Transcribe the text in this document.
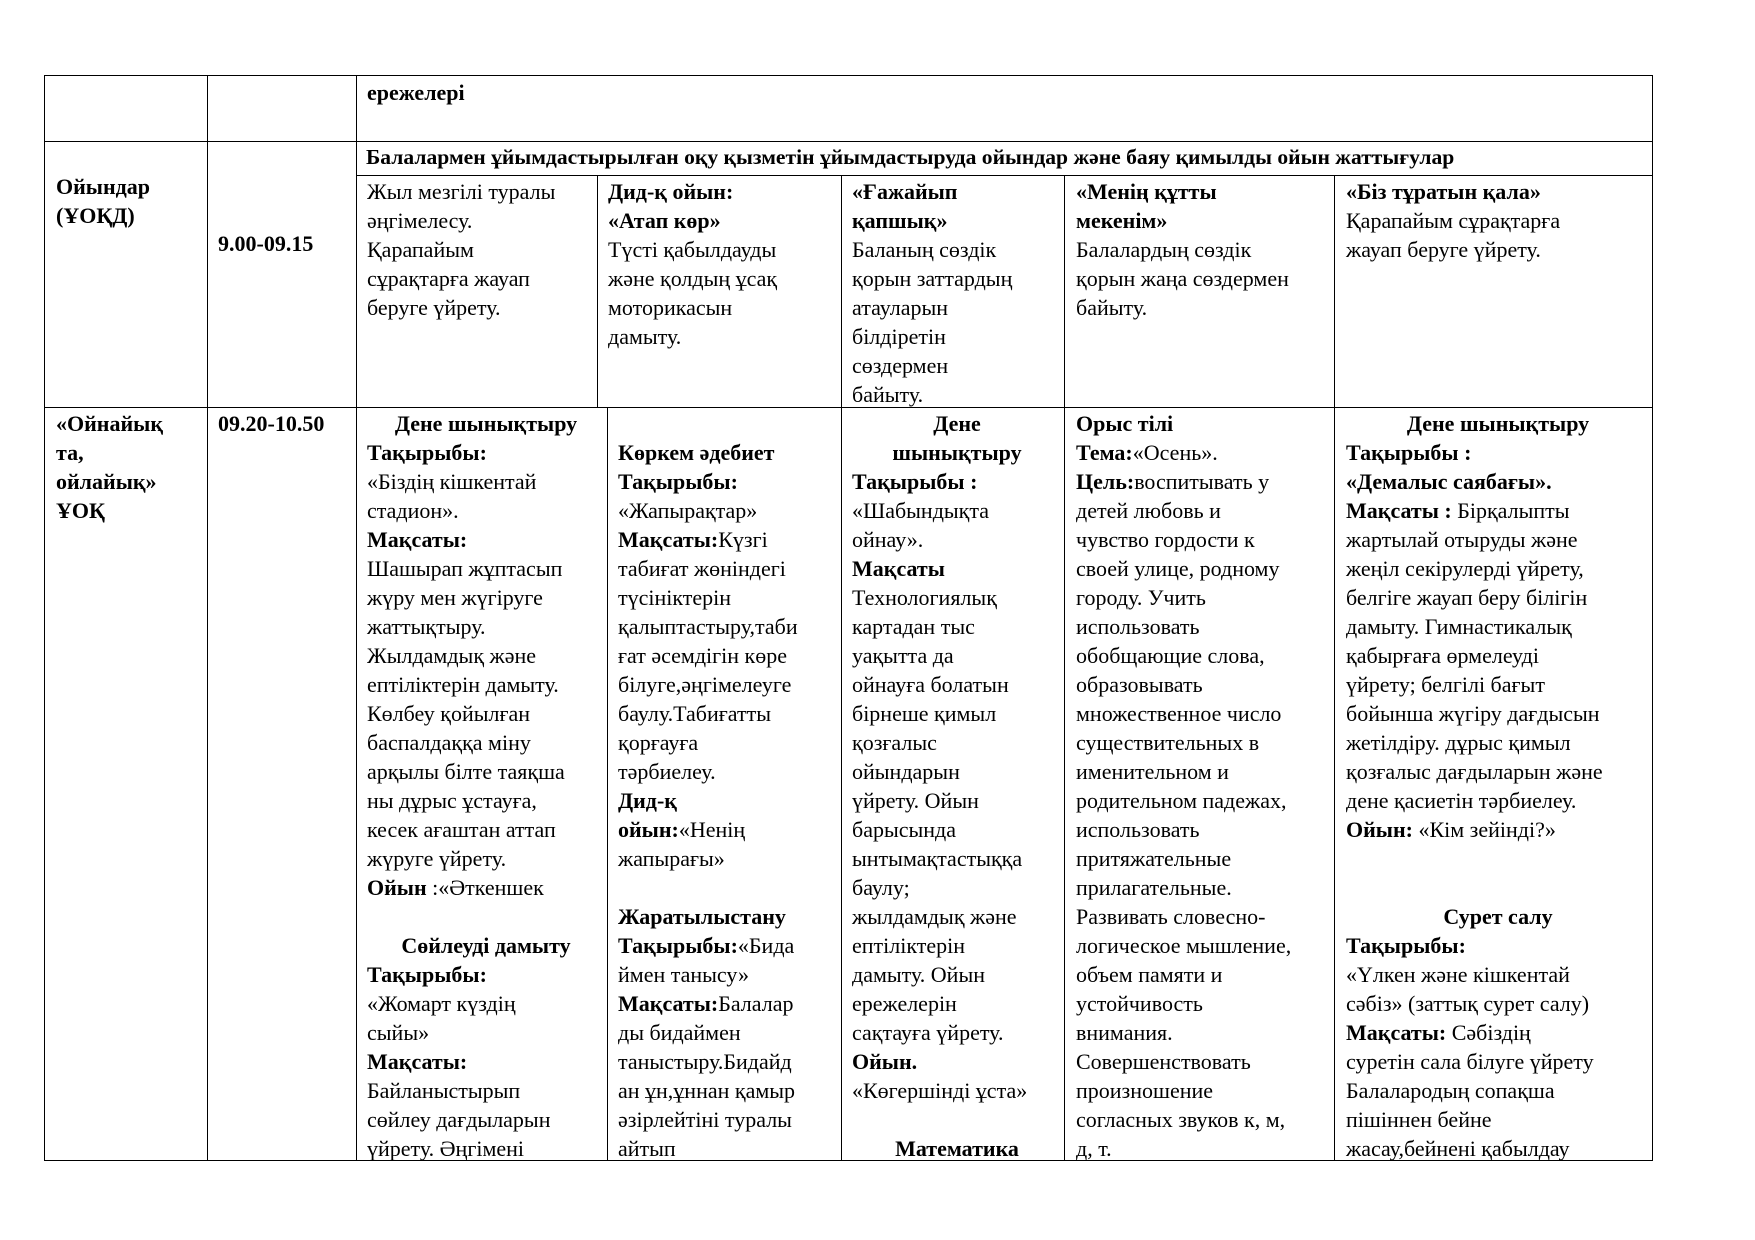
ережелері
Ойындар
(ҰОҚД)
9.00-09.15
Балалармен ұйымдастырылған оқу қызметін ұйымдастыруда ойындар және баяу қимылды ойын жаттығулар
Жыл мезгілі туралы
әңгімелесу.
Қарапайым
сұрақтарға жауап
беруге үйрету.
Дид-қ ойын:
«Атап көр»
Түсті қабылдауды
және қолдың ұсақ
моторикасын
дамыту.
«Ғажайып
қапшық»
Баланың сөздік
қорын заттардың
атауларын
білдіретін
сөздермен
байыту.
«Менің құтты
мекенім»
Балалардың сөздік
қорын жаңа сөздермен
байыту.
«Біз тұратын қала»
Қарапайым сұрақтарға
жауап беруге үйрету.
«Ойнайық
та,
ойлайық»
ҰОҚ
09.20-10.50	Дене шынықтыру
Тақырыбы:
«Біздің кішкентай
стадион».
Мақсаты:
Шашырап жұптасып
жүру мен жүгіруге
жаттықтыру.
Жылдамдық және
ептіліктерін дамыту.
Көлбеу қойылған
баспалдаққа міну
арқылы білте таяқша
ны дұрыс ұстауға,
кесек ағаштан аттап
жүруге үйрету.
Ойын :«Әткеншек
Сөйлеуді дамыту
Тақырыбы:
«Жомарт күздің
сыйы»
Мақсаты:
Байланыстырып
сөйлеу дағдыларын
үйрету. Әңгімені
Көркем әдебиет
Тақырыбы:
«Жапырақтар»
Мақсаты:Күзгі
табиғат жөніндегі
түсініктерін
қалыптастыру,таби
ғат әсемдігін көре
білуге,әңгімелеуге
баулу.Табиғатты
қорғауға
тәрбиелеу.
Дид-қ
ойын:«Ненің
жапырағы»
Жаратылыстану
Тақырыбы:«Бида
ймен танысу»
Мақсаты:Балалар
ды бидаймен
таныстыру.Бидайд
ан ұн,ұннан қамыр
әзірлейтіні туралы
айтып
Дене
шынықтыру
Тақырыбы :
«Шабындықта
ойнау».
Мақсаты
Технологиялық
картадан тыс
уақытта да
ойнауға болатын
бірнеше қимыл
қозғалыс
ойындарын
үйрету. Ойын
барысында
ынтымақтастыққа
баулу;
жылдамдық және
ептіліктерін
дамыту. Ойын
ережелерін
сақтауға үйрету.
Ойын.
«Көгершінді ұста»
Математика
Орыс тілі
Тема:«Осень».
Цель:воспитывать у
детей любовь и
чувство гордости к
своей улице, родному
городу. Учить
использовать
обобщающие слова,
образовывать
множественное число
существительных в
именительном и
родительном падежах,
использовать
притяжательные
прилагательные.
Развивать словесно-
логическое мышление,
объем памяти и
устойчивость
внимания.
Совершенствовать
произношение
согласных звуков к, м,
д, т.
Дене шынықтыру
Тақырыбы :
«Демалыс саябағы».
Мақсаты : Бірқалыпты
жартылай отыруды және
жеңіл секірулерді үйрету,
белгіге жауап беру білігін
дамыту. Гимнастикалық
қабырғаға өрмелеуді
үйрету; белгілі бағыт
бойынша жүгіру дағдысын
жетілдіру. дұрыс қимыл
қозғалыс дағдыларын және
дене қасиетін тәрбиелеу.
Ойын: «Кім зейінді?»
Сурет салу
Тақырыбы:
«Үлкен және кішкентай
сәбіз» (заттық сурет салу)
Мақсаты: Сәбіздің
суретін сала білуге үйрету
Балалародың сопақша
пішіннен бейне
жасау,бейнені қабылдау
